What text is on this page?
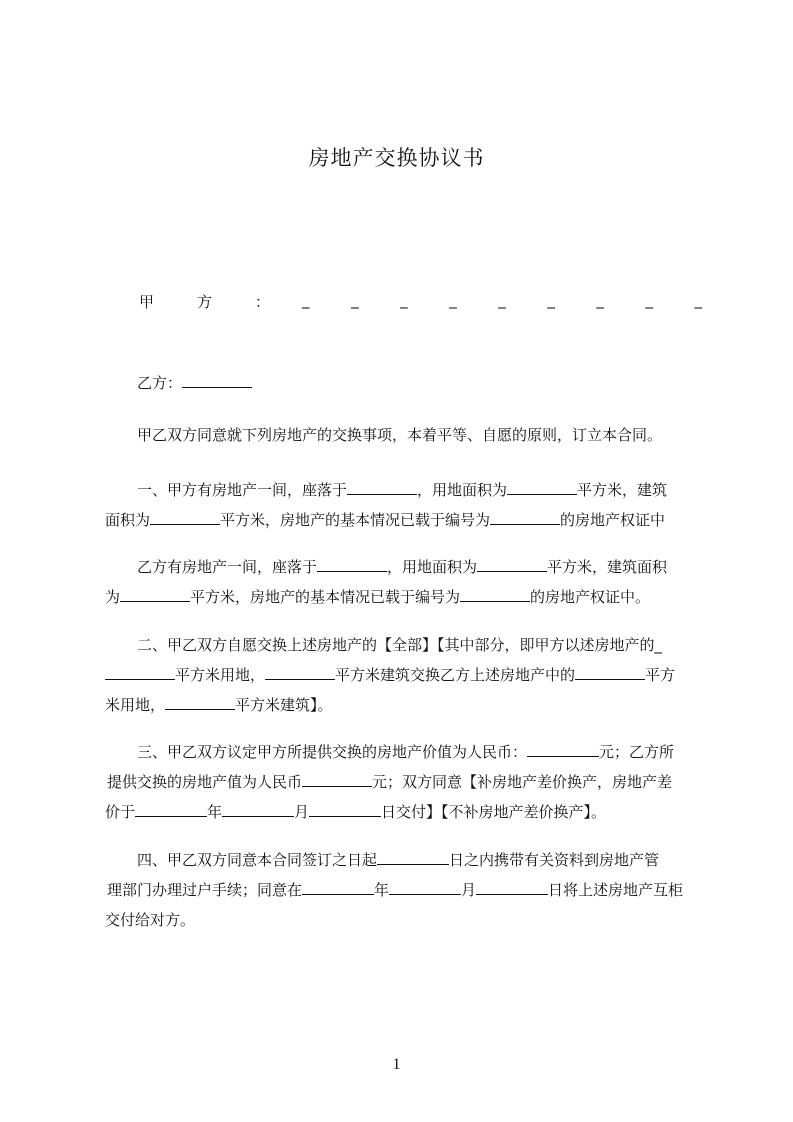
房地产交换协议书
甲	方	： _	_	_	_	_	_	_	_	_
乙方：
甲乙双方同意就下列房地产的交换事项，本着平等、自愿的原则，订立本合同。
一、甲方有房地产一间，座落于	，用地面积为	平方米，建筑
面积为	平方米，房地产的基本情况已载于编号为	的房地产权证中
乙方有房地产一间，座落于	，用地面积为	平方米，建筑面积
为	平方米，房地产的基本情况已载于编号为	的房地产权证中。
二、甲乙双方自愿交换上述房地产的【全部】【其中部分，即甲方以述房地产的_
平方米用地，	平方米建筑交换乙方上述房地产中的	平方
米用地，	平方米建筑】。
三、甲乙双方议定甲方所提供交换的房地产价值为人民币：	元；乙方所
提供交换的房地产值为人民币	元；双方同意【补房地产差价换产，房地产差
价于	年	月	日交付】【不补房地产差价换产】。
四、甲乙双方同意本合同签订之日起	日之内携带有关资料到房地产管
理部门办理过户手续；同意在	年	月	日将上述房地产互柜
交付给对方。
1
